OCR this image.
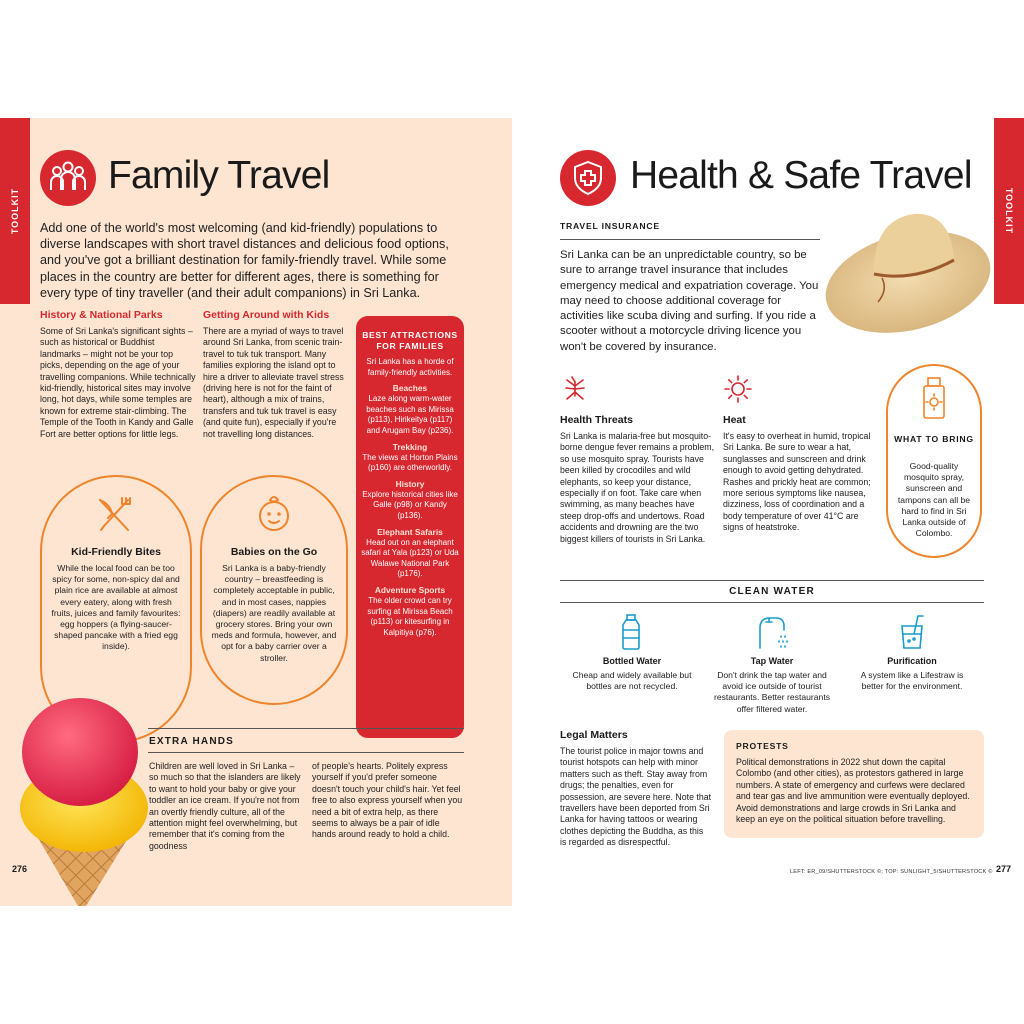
TOOLKIT
Family Travel
Add one of the world's most welcoming (and kid-friendly) populations to diverse landscapes with short travel distances and delicious food options, and you've got a brilliant destination for family-friendly travel. While some places in the country are better for different ages, there is something for every type of tiny traveller (and their adult companions) in Sri Lanka.
History & National Parks
Some of Sri Lanka's significant sights – such as historical or Buddhist landmarks – might not be your top picks, depending on the age of your travelling companions. While technically kid-friendly, historical sites may involve long, hot days, while some temples are known for extreme stair-climbing. The Temple of the Tooth in Kandy and Galle Fort are better options for little legs.
Getting Around with Kids
There are a myriad of ways to travel around Sri Lanka, from scenic train-travel to tuk tuk transport. Many families exploring the island opt to hire a driver to alleviate travel stress (driving here is not for the faint of heart), although a mix of trains, transfers and tuk tuk travel is easy (and quite fun), especially if you're not travelling long distances.
BEST ATTRACTIONS FOR FAMILIES
Sri Lanka has a horde of family-friendly activities.
Beaches
Laze along warm-water beaches such as Mirissa (p113), Hirikeitya (p117) and Arugam Bay (p236).
Trekking
The views at Horton Plains (p160) are otherworldly.
History
Explore historical cities like Galle (p98) or Kandy (p136).
Elephant Safaris
Head out on an elephant safari at Yala (p123) or Uda Walawe National Park (p176).
Adventure Sports
The older crowd can try surfing at Mirissa Beach (p113) or kitesurfing in Kalpitiya (p76).
Kid-Friendly Bites
While the local food can be too spicy for some, non-spicy dal and plain rice are available at almost every eatery, along with fresh fruits, juices and family favourites: egg hoppers (a flying-saucer-shaped pancake with a fried egg inside).
Babies on the Go
Sri Lanka is a baby-friendly country – breastfeeding is completely acceptable in public, and in most cases, nappies (diapers) are readily available at grocery stores. Bring your own meds and formula, however, and opt for a baby carrier over a stroller.
EXTRA HANDS
Children are well loved in Sri Lanka – so much so that the islanders are likely to want to hold your baby or give your toddler an ice cream. If you're not from an overtly friendly culture, all of the attention might feel overwhelming, but remember that it's coming from the goodness
of people's hearts. Politely express yourself if you'd prefer someone doesn't touch your child's hair. Yet feel free to also express yourself when you need a bit of extra help, as there seems to always be a pair of idle hands around ready to hold a child.
276
TOOLKIT
Health & Safe Travel
TRAVEL INSURANCE
Sri Lanka can be an unpredictable country, so be sure to arrange travel insurance that includes emergency medical and expatriation coverage. You may need to choose additional coverage for activities like scuba diving and surfing. If you ride a scooter without a motorcycle driving licence you won't be covered by insurance.
Health Threats
Sri Lanka is malaria-free but mosquito-borne dengue fever remains a problem, so use mosquito spray. Tourists have been killed by crocodiles and wild elephants, so keep your distance, especially if on foot. Take care when swimming, as many beaches have steep drop-offs and undertows. Road accidents and drowning are the two biggest killers of tourists in Sri Lanka.
Heat
It's easy to overheat in humid, tropical Sri Lanka. Be sure to wear a hat, sunglasses and sunscreen and drink enough to avoid getting dehydrated. Rashes and prickly heat are common; more serious symptoms like nausea, dizziness, loss of coordination and a body temperature of over 41°C are signs of heatstroke.
WHAT TO BRING
Good-quality mosquito spray, sunscreen and tampons can all be hard to find in Sri Lanka outside of Colombo.
CLEAN WATER
Bottled Water
Cheap and widely available but bottles are not recycled.
Tap Water
Don't drink the tap water and avoid ice outside of tourist restaurants. Better restaurants offer filtered water.
Purification
A system like a Lifestraw is better for the environment.
Legal Matters
The tourist police in major towns and tourist hotspots can help with minor matters such as theft. Stay away from drugs; the penalties, even for possession, are severe here. Note that travellers have been deported from Sri Lanka for having tattoos or wearing clothes depicting the Buddha, as this is regarded as disrespectful.
PROTESTS
Political demonstrations in 2022 shut down the capital Colombo (and other cities), as protestors gathered in large numbers. A state of emergency and curfews were declared and tear gas and live ammunition were eventually deployed. Avoid demonstrations and large crowds in Sri Lanka and keep an eye on the political situation before travelling.
LEFT: ER_09/SHUTTERSTOCK ©; TOP: SUNLIGHT_5/SHUTTERSTOCK © 277
